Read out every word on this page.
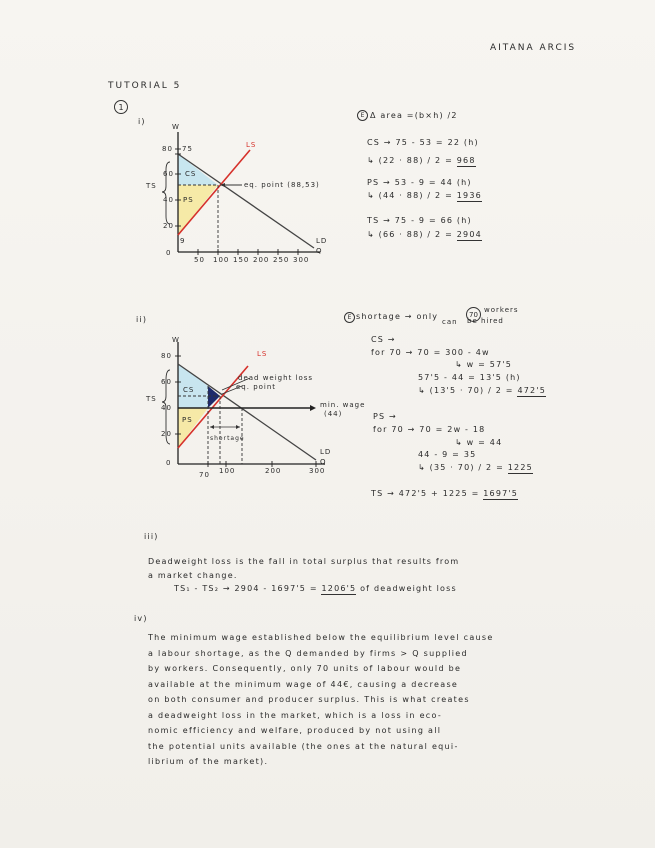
AITANA ARCIS
TUTORIAL 5
1
i)
W
80 75
60
40
20
0
TS
50 100 150 200 250 300
LS
LD
Q
CS
PS
9
eq. point (88,53)
E Δ area =(b×h) /2
CS → 75 - 53 = 22 (h)
↳ (22 · 88) / 2 = 968
PS → 53 - 9 = 44 (h)
↳ (44 · 88) / 2 = 1936
TS → 75 - 9 = 66 (h)
↳ (66 · 88) / 2 = 2904
ii)
W
80
60
40
20
0
TS
70 100	200	300
LS
LD
Q
CS
PS
dead weight loss
eq. point
min. wage
(44)
shortage
E shortage → only	70
workers
can be hired
CS →
for 70 → 70 = 300 - 4w
↳ w = 57'5
57'5 - 44 = 13'5 (h)
↳ (13'5 · 70) / 2 = 472'5
PS →
for 70 → 70 = 2w - 18
↳ w = 44
44 - 9 = 35
↳ (35 · 70) / 2 = 1225
TS → 472'5 + 1225 = 1697'5
iii)
Deadweight loss is the fall in total surplus that results from
a market change.
TS₁ - TS₂ → 2904 - 1697'5 = 1206'5 of deadweight loss
iv)
The minimum wage established below the equilibrium level cause
a labour shortage, as the Q demanded by firms > Q supplied
by workers. Consequently, only 70 units of labour would be
available at the minimum wage of 44€, causing a decrease
on both consumer and producer surplus. This is what creates
a deadweight loss in the market, which is a loss in eco-
nomic efficiency and welfare, produced by not using all
the potential units available (the ones at the natural equi-
librium of the market).
